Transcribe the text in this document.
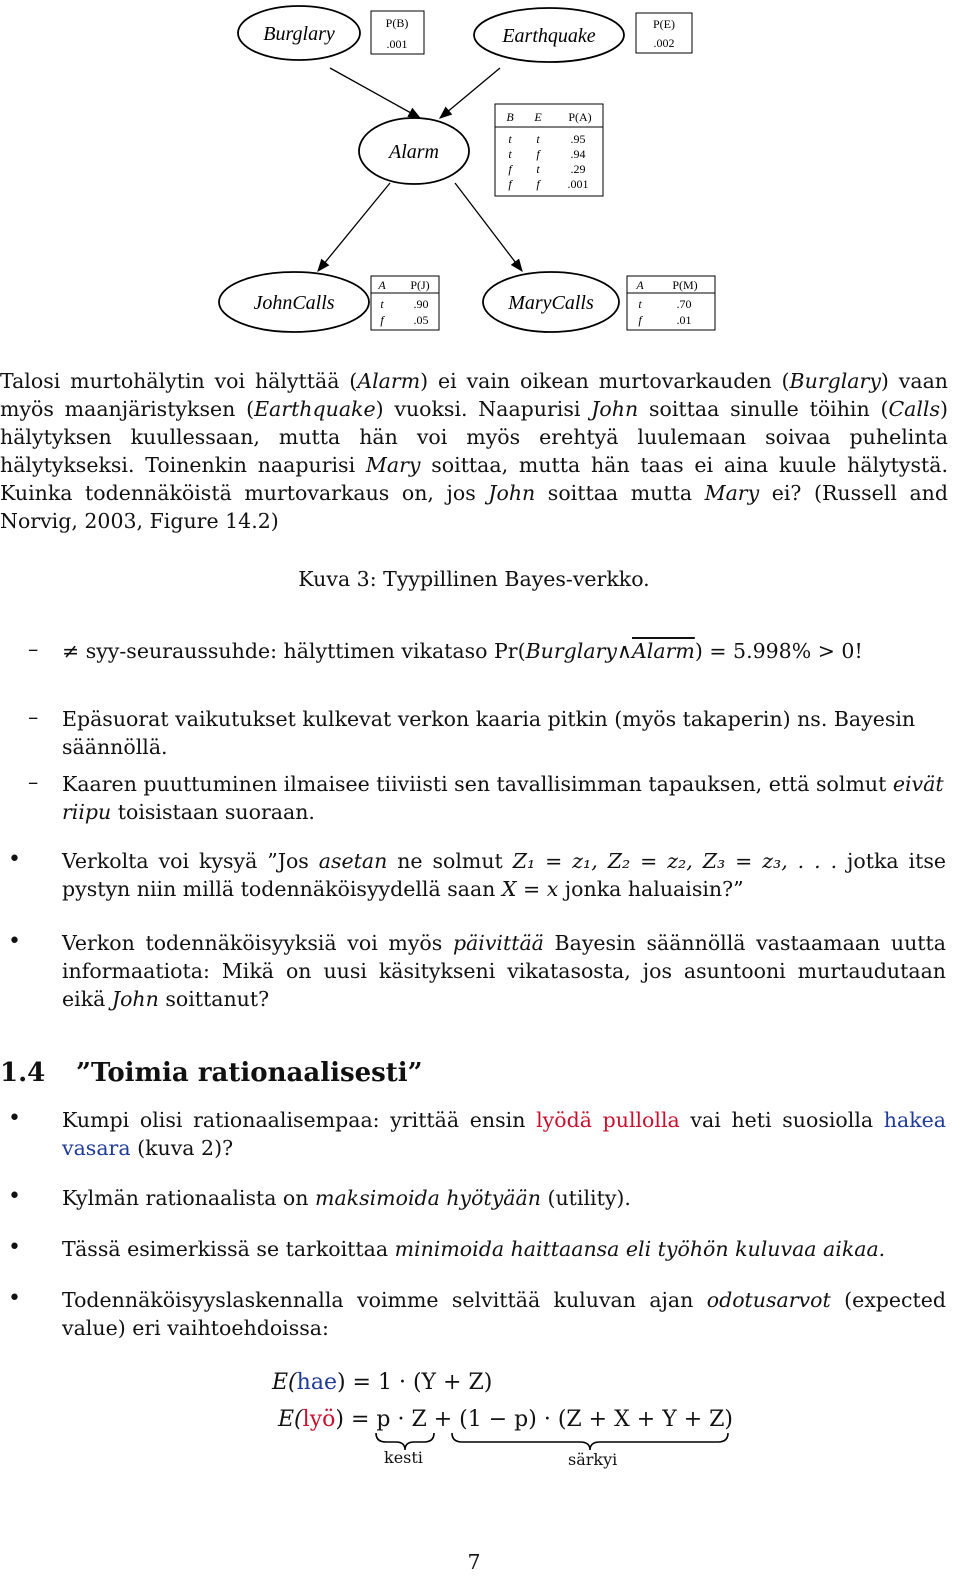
Burglary	Earthquake
Alarm
JohnCalls	MaryCalls
P(B)
.001
P(E)
.002
B E P(A)
t t	.95
t f	.94
f t	.29
f f .001
A P(J)
t .90
f .05
A P(M)
t	.70
f	.01

Talosi murtohälytin voi hälyttää (Alarm) ei vain oikean murtovarkauden (Burglary) vaan myös maanjäristyksen (Earthquake) vuoksi. Naapurisi John soittaa sinulle töihin (Calls) hälytyksen kuullessaan, mutta hän voi myös erehtyä luulemaan soivaa puhelinta hälytykseksi. Toinenkin naapurisi Mary soittaa, mutta hän taas ei aina kuule hälytystä. Kuinka todennäköistä murtovarkaus on, jos John soittaa mutta Mary ei? (Russell and Norvig, 2003, Figure 14.2)

Kuva 3: Tyypillinen Bayes-verkko.
– ≠ syy-seuraussuhde: hälyttimen vikataso Pr(Burglary∧Alarm) = 5.998% > 0!
– Epäsuorat vaikutukset kulkevat verkon kaaria pitkin (myös takaperin) ns. Bayesin säännöllä.
– Kaaren puuttuminen ilmaisee tiiviisti sen tavallisimman tapauksen, että solmut eivät riipu toisistaan suoraan.
• Verkolta voi kysyä ”Jos asetan ne solmut Z₁ = z₁, Z₂ = z₂, Z₃ = z₃, . . . jotka itse pystyn niin millä todennäköisyydellä saan X = x jonka haluaisin?”
• Verkon todennäköisyyksiä voi myös päivittää Bayesin säännöllä vastaamaan uutta informaatiota: Mikä on uusi käsitykseni vikatasosta, jos asuntooni murtaudutaan eikä John soittanut?
1.4 ”Toimia rationaalisesti”
• Kumpi olisi rationaalisempaa: yrittää ensin lyödä pullolla vai heti suosiolla hakea vasara (kuva 2)?
• Kylmän rationaalista on maksimoida hyötyään (utility).
• Tässä esimerkissä se tarkoittaa minimoida haittaansa eli työhön kuluvaa aikaa.
• Todennäköisyyslaskennalla voimme selvittää kuluvan ajan odotusarvot (expected value) eri vaihtoehdoissa:
E(hae) = 1 · (Y + Z)
E(lyö) = p · Z + (1 − p) · (Z + X + Y + Z)
kesti	särkyi
7
